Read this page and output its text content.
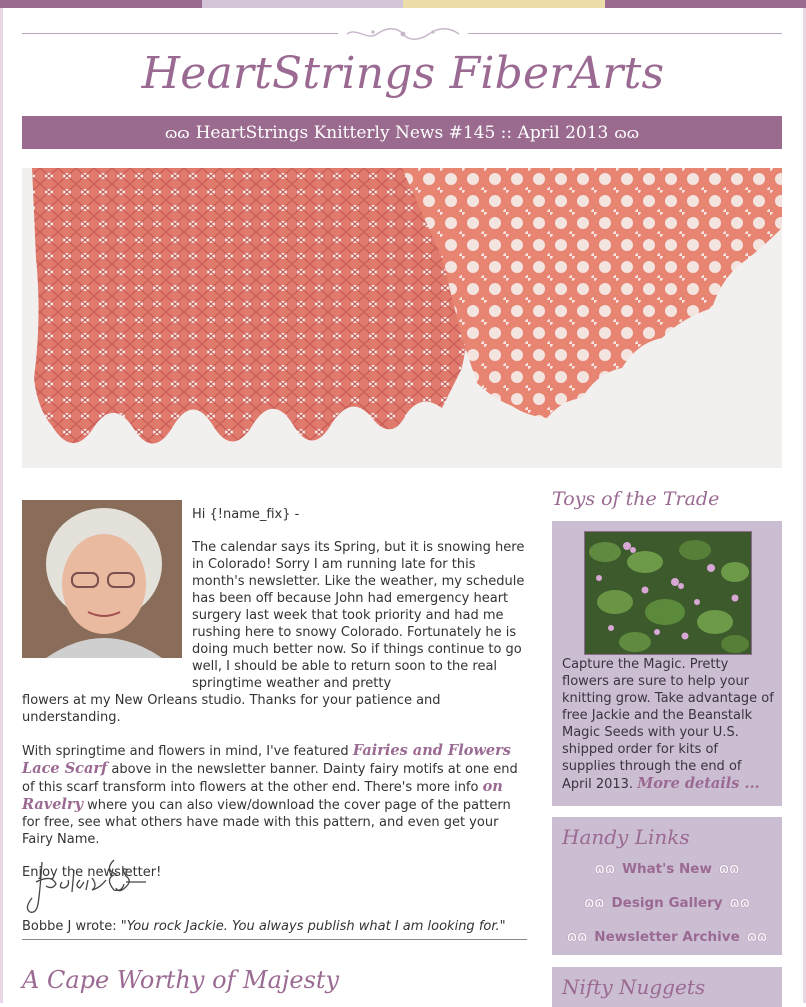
HeartStrings FiberArts
ɷɷ HeartStrings Knitterly News #145 :: April 2013 ɷɷ

Hi {!name_fix} -

The calendar says its Spring, but it is snowing here in Colorado! Sorry I am running late for this month's newsletter. Like the weather, my schedule has been off because John had emergency heart surgery last week that took priority and had me rushing here to snowy Colorado. Fortunately he is doing much better now. So if things continue to go well, I should be able to return soon to the real springtime weather and pretty
flowers at my New Orleans studio. Thanks for your patience and understanding.

With springtime and flowers in mind, I've featured Fairies and Flowers Lace Scarf above in the newsletter banner. Dainty fairy motifs at one end of this scarf transform into flowers at the other end. There's more info on Ravelry where you can also view/download the cover page of the pattern for free, see what others have made with this pattern, and even get your Fairy Name.

Enjoy the newsletter!

Bobbe J wrote: "You rock Jackie. You always publish what I am looking for."
A Cape Worthy of Majesty
Toys of the Trade
Capture the Magic. Pretty flowers are sure to help your knitting grow. Take advantage of free Jackie and the Beanstalk Magic Seeds with your U.S. shipped order for kits of supplies through the end of April 2013. More details ...
Handy Links
ɷɷ What's New ɷɷ
ɷɷ Design Gallery ɷɷ
ɷɷ Newsletter Archive ɷɷ
Nifty Nuggets
